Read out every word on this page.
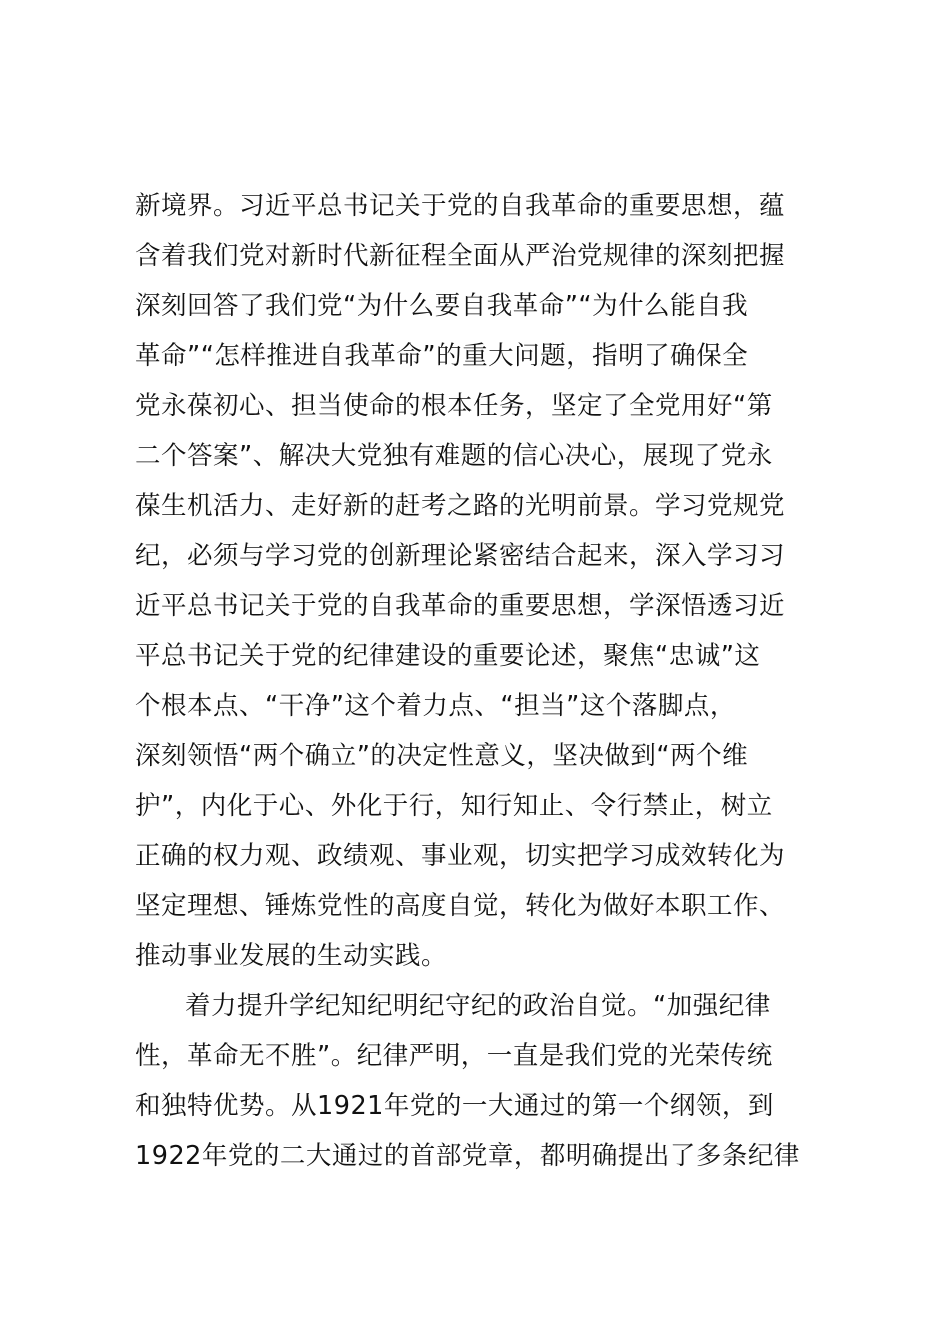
新境界。习近平总书记关于党的自我革命的重要思想，蕴
含着我们党对新时代新征程全面从严治党规律的深刻把握
深刻回答了我们党“为什么要自我革命”“为什么能自我
革命”“怎样推进自我革命”的重大问题，指明了确保全
党永葆初心、担当使命的根本任务，坚定了全党用好“第
二个答案”、解决大党独有难题的信心决心，展现了党永
葆生机活力、走好新的赶考之路的光明前景。学习党规党
纪，必须与学习党的创新理论紧密结合起来，深入学习习
近平总书记关于党的自我革命的重要思想，学深悟透习近
平总书记关于党的纪律建设的重要论述，聚焦“忠诚”这
个根本点、“干净”这个着力点、“担当”这个落脚点，
深刻领悟“两个确立”的决定性意义，坚决做到“两个维
护”，内化于心、外化于行，知行知止、令行禁止，树立
正确的权力观、政绩观、事业观，切实把学习成效转化为
坚定理想、锤炼党性的高度自觉，转化为做好本职工作、
推动事业发展的生动实践。
着力提升学纪知纪明纪守纪的政治自觉。“加强纪律
性，革命无不胜”。纪律严明，一直是我们党的光荣传统
和独特优势。从1921年党的一大通过的第一个纲领，到
1922年党的二大通过的首部党章，都明确提出了多条纪律
